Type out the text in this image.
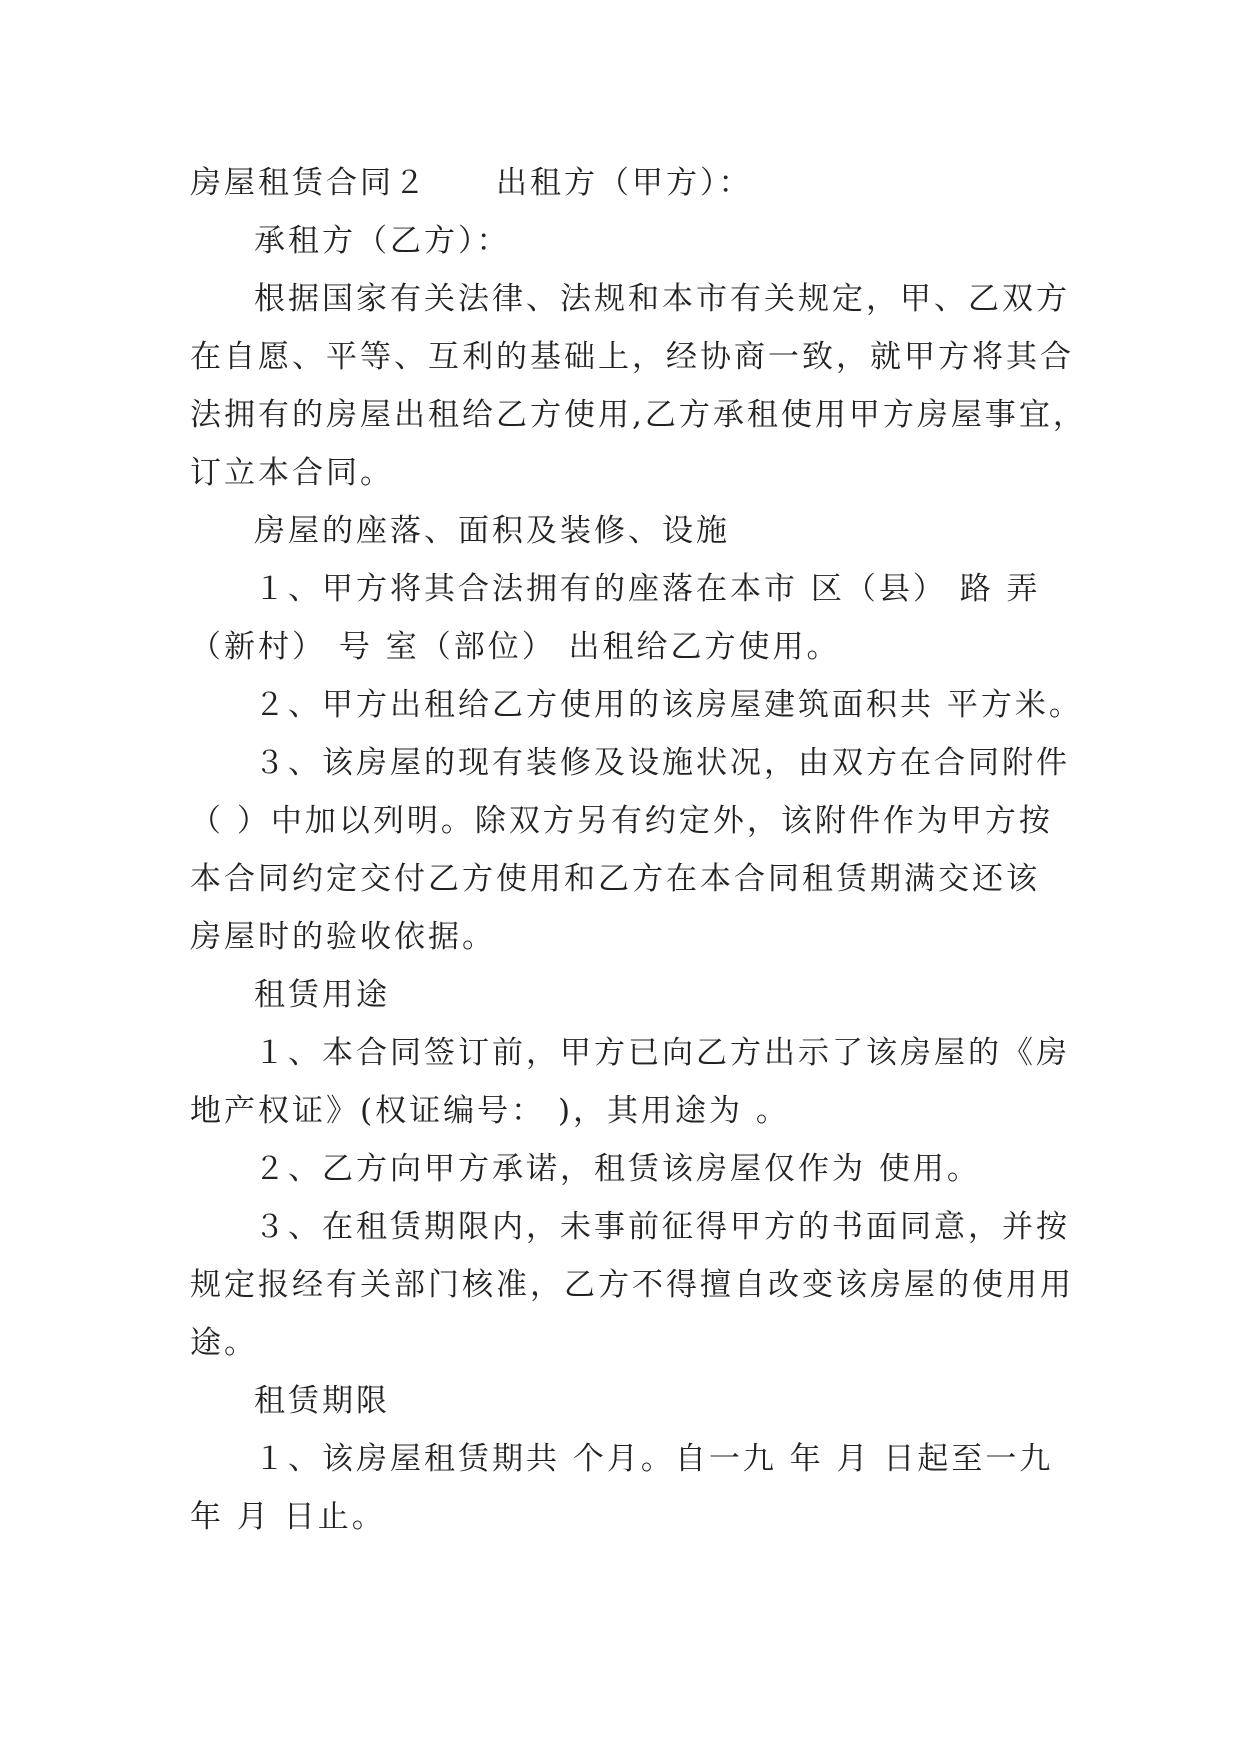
房屋租赁合同２　　出租方（甲方）：
承租方（乙方）：
根据国家有关法律、法规和本市有关规定，甲、乙双方
在自愿、平等、互利的基础上，经协商一致，就甲方将其合
法拥有的房屋出租给乙方使用,乙方承租使用甲方房屋事宜，
订立本合同。
房屋的座落、面积及装修、设施
１、甲方将其合法拥有的座落在本市 区（县） 路 弄
（新村） 号 室（部位） 出租给乙方使用。
２、甲方出租给乙方使用的该房屋建筑面积共 平方米。
３、该房屋的现有装修及设施状况，由双方在合同附件
（ ）中加以列明。除双方另有约定外，该附件作为甲方按
本合同约定交付乙方使用和乙方在本合同租赁期满交还该
房屋时的验收依据。
租赁用途
１、本合同签订前，甲方已向乙方出示了该房屋的《房
地产权证》(权证编号： )，其用途为 。
２、乙方向甲方承诺，租赁该房屋仅作为 使用。
３、在租赁期限内，未事前征得甲方的书面同意，并按
规定报经有关部门核准，乙方不得擅自改变该房屋的使用用
途。
租赁期限
１、该房屋租赁期共 个月。自一九 年 月 日起至一九
年 月 日止。
